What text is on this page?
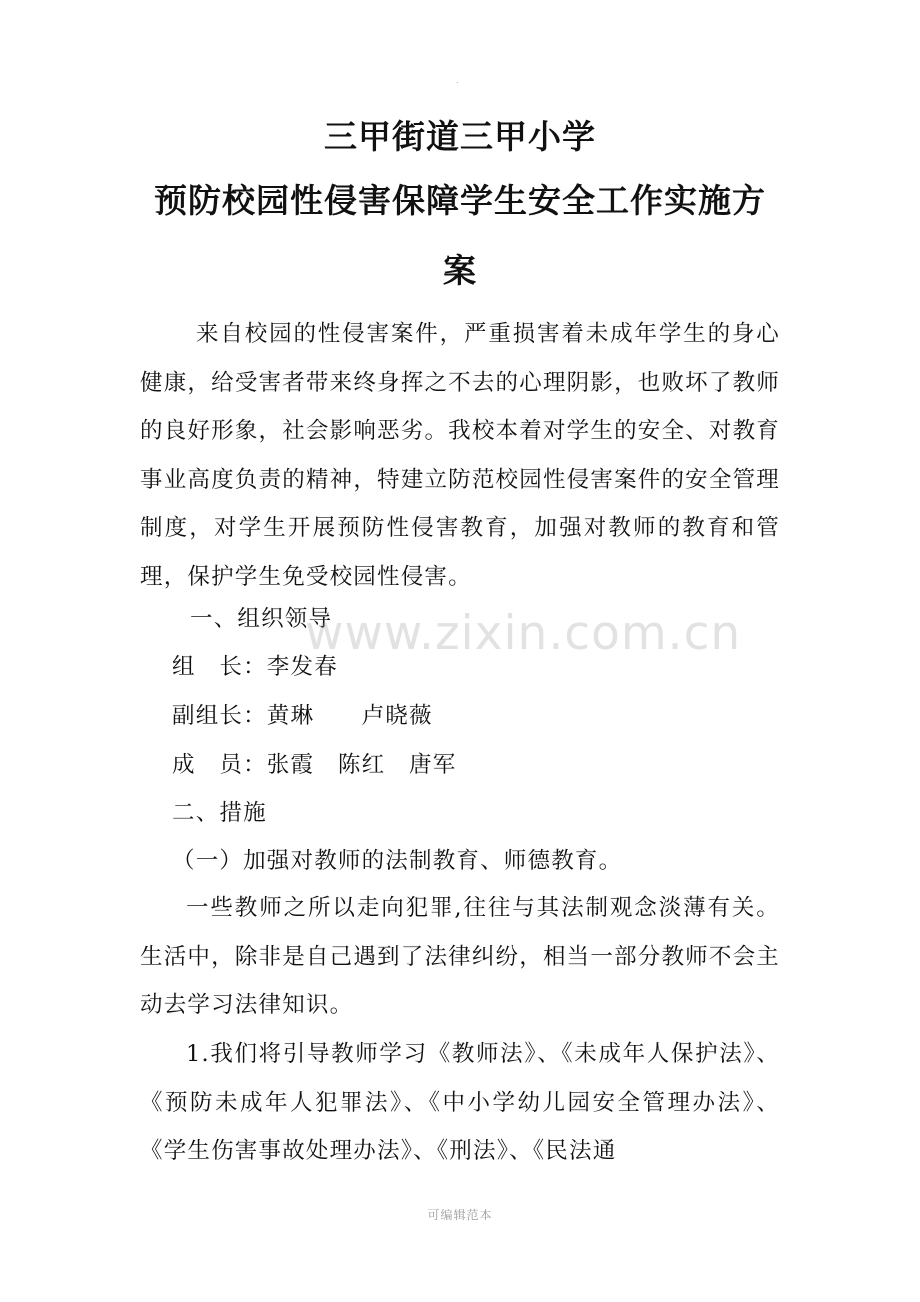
.
三甲街道三甲小学
预防校园性侵害保障学生安全工作实施方
案

来自校园的性侵害案件，严重损害着未成年学生的身心健康，给受害者带来终身挥之不去的心理阴影，也败坏了教师的良好形象，社会影响恶劣。我校本着对学生的安全、对教育事业高度负责的精神，特建立防范校园性侵害案件的安全管理制度，对学生开展预防性侵害教育，加强对教师的教育和管理，保护学生免受校园性侵害。

一、组织领导

组　长：李发春

副组长：黄琳　　卢晓薇

成　员：张霞　陈红　唐军

二、措施

（一）加强对教师的法制教育、师德教育。

一些教师之所以走向犯罪,往往与其法制观念淡薄有关。生活中，除非是自己遇到了法律纠纷，相当一部分教师不会主动去学习法律知识。

1.我们将引导教师学习《教师法》、《未成年人保护法》、《预防未成年人犯罪法》、《中小学幼儿园安全管理办法》、《学生伤害事故处理办法》、《刑法》、《民法通

www.zixin.com.cn
可编辑范本
